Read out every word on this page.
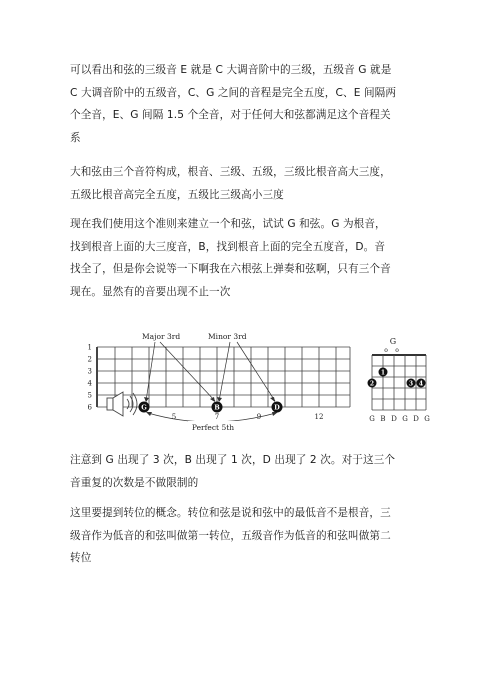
可以看出和弦的三级音 E 就是 C 大调音阶中的三级，五级音 G 就是
C 大调音阶中的五级音，C、G 之间的音程是完全五度，C、E 间隔两
个全音，E、G 间隔 1.5 个全音，对于任何大和弦都满足这个音程关
系
大和弦由三个音符构成，根音、三级、五级，三级比根音高大三度，
五级比根音高完全五度，五级比三级高小三度
现在我们使用这个准则来建立一个和弦，试试 G 和弦。G 为根音，
找到根音上面的大三度音，B，找到根音上面的完全五度音，D。音
找全了，但是你会说等一下啊我在六根弦上弹奏和弦啊，只有三个音
现在。显然有的音要出现不止一次
1
2
3
4
5
6
5	7	9	12
Major 3rd	Minor 3rd
Perfect 5th
G	B	D
G
o o
1
2	3 4
G B D G D G
注意到 G 出现了 3 次，B 出现了 1 次，D 出现了 2 次。对于这三个
音重复的次数是不做限制的
这里要提到转位的概念。转位和弦是说和弦中的最低音不是根音，三
级音作为低音的和弦叫做第一转位，五级音作为低音的和弦叫做第二
转位
